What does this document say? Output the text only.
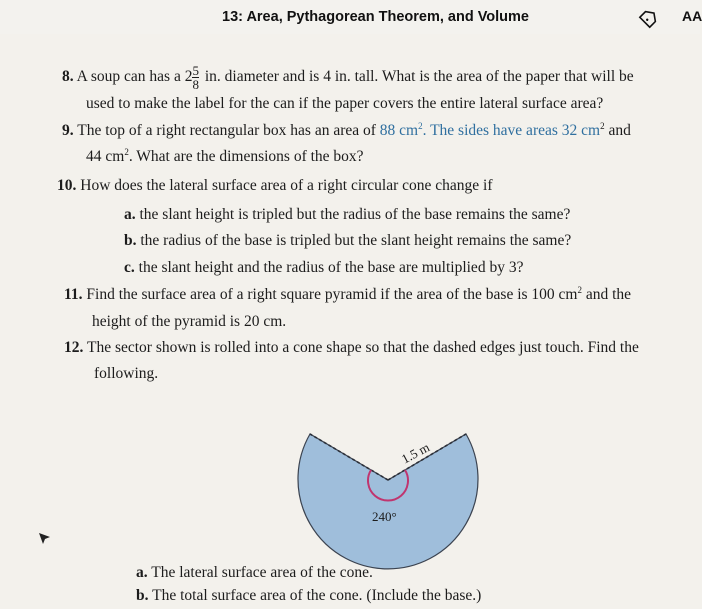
13: Area, Pythagorean Theorem, and Volume	AA
8. A soup can has a $2 \frac{5}{8}$ in. diameter and is 4 in. tall. What is the area of the paper that will be
used to make the label for the can if the paper covers the entire lateral surface area?
9. The top of a right rectangular box has an area of 88 $cm^2$. The sides have areas 32 $cm^2$ and
44 $cm^2$. What are the dimensions of the box?
10. How does the lateral surface area of a right circular cone change if
a. the slant height is tripled but the radius of the base remains the same?
b. the radius of the base is tripled but the slant height remains the same?
c. the slant height and the radius of the base are multiplied by 3?
11. Find the surface area of a right square pyramid if the area of the base is 100 $cm^2$ and the
height of the pyramid is 20 cm.
12. The sector shown is rolled into a cone shape so that the dashed edges just touch. Find the
following.
1.5 m
240°
a. The lateral surface area of the cone.
b. The total surface area of the cone. (Include the base.)
